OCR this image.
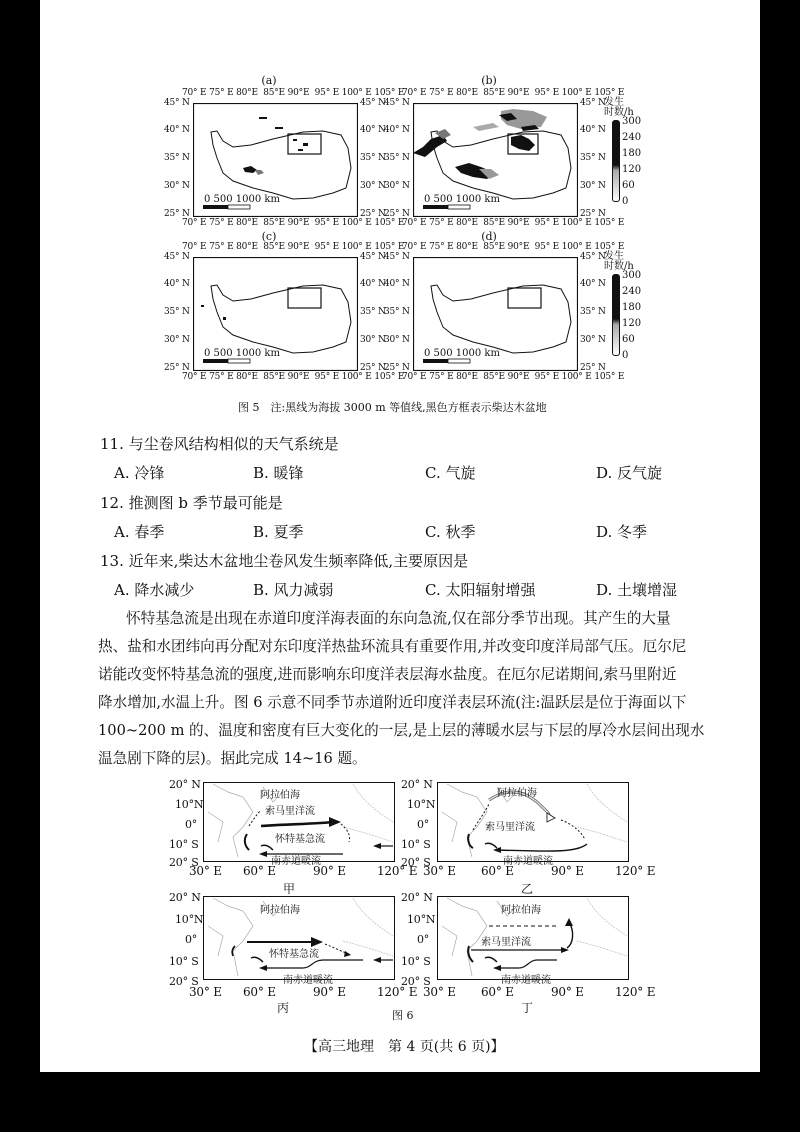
(a)
70° E 75° E 80°E 85°E 90°E 95° E 100° E 105° E
45° N
40° N
35° N
30° N
25° N
45° N
40° N
35° N
30° N
25° N
0 500 1000 km
70° E 75° E 80°E 85°E 90°E 95° E 100° E 105° E
(b)
70° E 75° E 80°E 85°E 90°E 95° E 100° E 105° E
45° N
40° N
35° N
30° N
25° N
45° N
40° N
35° N
30° N
25° N
0 500 1000 km
70° E 75° E 80°E 85°E 90°E 95° E 100° E 105° E
发生
时数/h
300
240
180
120
60
0
(c)
70° E 75° E 80°E 85°E 90°E 95° E 100° E 105° E
45° N
40° N
35° N
30° N
25° N
45° N
40° N
35° N
30° N
25° N
0 500 1000 km
70° E 75° E 80°E 85°E 90°E 95° E 100° E 105° E
(d)
70° E 75° E 80°E 85°E 90°E 95° E 100° E 105° E
45° N
40° N
35° N
30° N
25° N
45° N
40° N
35° N
30° N
25° N
0 500 1000 km
70° E 75° E 80°E 85°E 90°E 95° E 100° E 105° E
发生
时数/h
300
240
180
120
60
0
图 5　注:黑线为海拔 3000 m 等值线,黑色方框表示柴达木盆地
11. 与尘卷风结构相似的天气系统是
A. 冷锋	B. 暖锋	C. 气旋	D. 反气旋
12. 推测图 b 季节最可能是
A. 春季	B. 夏季	C. 秋季	D. 冬季
13. 近年来,柴达木盆地尘卷风发生频率降低,主要原因是
A. 降水减少	B. 风力减弱	C. 太阳辐射增强	D. 土壤增湿
怀特基急流是出现在赤道印度洋海表面的东向急流,仅在部分季节出现。其产生的大量
热、盐和水团纬向再分配对东印度洋热盐环流具有重要作用,并改变印度洋局部气压。厄尔尼
诺能改变怀特基急流的强度,进而影响东印度洋表层海水盐度。在厄尔尼诺期间,索马里附近
降水增加,水温上升。图 6 示意不同季节赤道附近印度洋表层环流(注:温跃层是位于海面以下
100~200 m 的、温度和密度有巨大变化的一层,是上层的薄暖水层与下层的厚冷水层间出现水
温急剧下降的层)。据此完成 14~16 题。
20° N
10°N
0°
10° S
20° S
阿拉伯海
索马里洋流
怀特基急流
南赤道暖流
30° E 60° E	90° E	120° E
甲
20° N
10°N
0°
10° S
20° S
阿拉伯海
索马里洋流
南赤道暖流
30° E 60° E	90° E	120° E
乙
20° N
10°N
0°
10° S
20° S
阿拉伯海
怀特基急流
南赤道暖流
30° E 60° E	90° E	120° E
丙
20° N
10°N
0°
10° S
20° S
阿拉伯海
索马里洋流
南赤道暖流
30° E 60° E	90° E	120° E
丁
图 6
【高三地理　第 4 页(共 6 页)】
